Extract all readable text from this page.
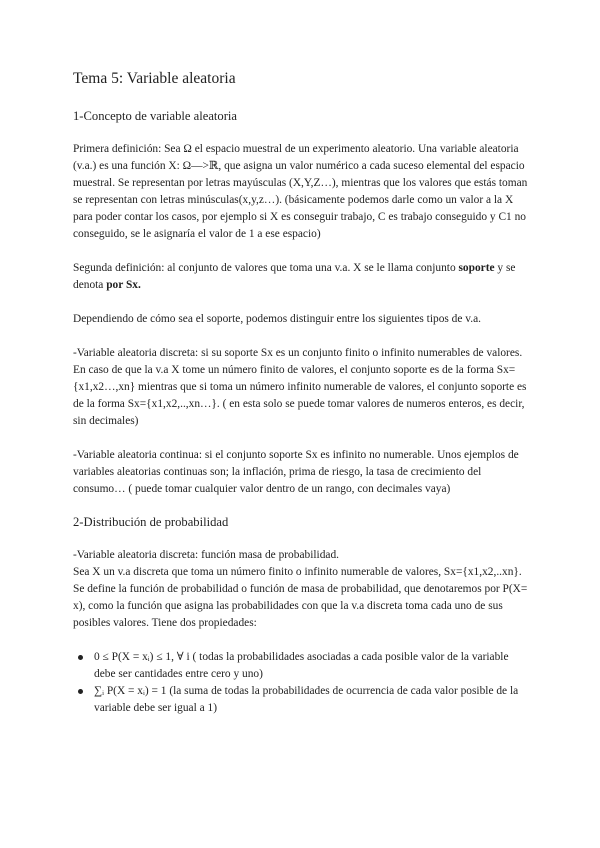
Tema 5: Variable aleatoria
1-Concepto de variable aleatoria

Primera definición: Sea Ω el espacio muestral de un experimento aleatorio. Una variable aleatoria (v.a.) es una función X: Ω—>ℝ, que asigna un valor numérico a cada suceso elemental del espacio muestral. Se representan por letras mayúsculas (X,Y,Z…), mientras que los valores que estás toman se representan con letras minúsculas(x,y,z…). (básicamente podemos darle como un valor a la X para poder contar los casos, por ejemplo si X es conseguir trabajo, C es trabajo conseguido y C1 no conseguido, se le asignaría el valor de 1 a ese espacio)

Segunda definición: al conjunto de valores que toma una v.a. X se le llama conjunto soporte y se denota por Sx.

Dependiendo de cómo sea el soporte, podemos distinguir entre los siguientes tipos de v.a.

-Variable aleatoria discreta: si su soporte Sx es un conjunto finito o infinito numerables de valores. En caso de que la v.a X tome un número finito de valores, el conjunto soporte es de la forma Sx={x1,x2…,xn} mientras que si toma un número infinito numerable de valores, el conjunto soporte es de la forma Sx={x1,x2,..,xn…}. ( en esta solo se puede tomar valores de numeros enteros, es decir, sin decimales)

-Variable aleatoria continua: si el conjunto soporte Sx es infinito no numerable. Unos ejemplos de variables aleatorias continuas son; la inflación, prima de riesgo, la tasa de crecimiento del consumo… ( puede tomar cualquier valor dentro de un rango, con decimales vaya)

2-Distribución de probabilidad

-Variable aleatoria discreta: función masa de probabilidad.

Sea X un v.a discreta que toma un número finito o infinito numerable de valores, Sx={x1,x2,..xn}. Se define la función de probabilidad o función de masa de probabilidad, que denotaremos por P(X= x), como la función que asigna las probabilidades con que la v.a discreta toma cada uno de sus posibles valores. Tiene dos propiedades:

0 ≤ P(X = xᵢ) ≤ 1, ∀ i ( todas la probabilidades asociadas a cada posible valor de la variable debe ser cantidades entre cero y uno)
∑ᵢ P(X = xᵢ) = 1 (la suma de todas la probabilidades de ocurrencia de cada valor posible de la variable debe ser igual a 1)
